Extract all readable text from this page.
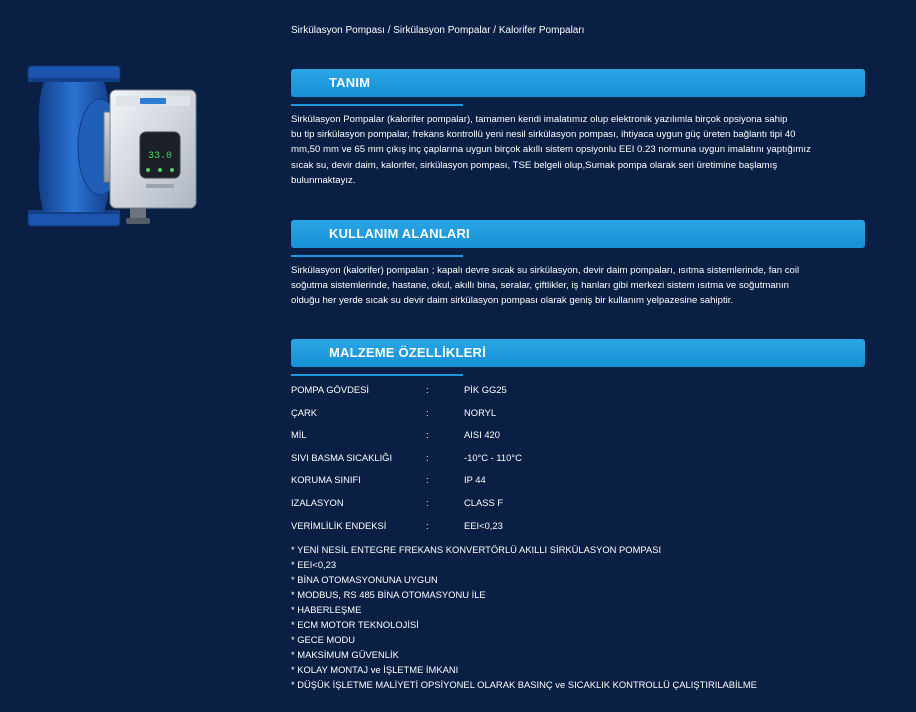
33.0
Sirkülasyon Pompası / Sirkülasyon Pompalar / Kalorifer Pompaları
TANIM
Sirkülasyon Pompalar (kalorifer pompalar), tamamen kendi imalatımız olup elektronik yazılımla birçok opsiyona sahip
bu tip sirkülasyon pompalar, frekans kontrollü yeni nesil sirkülasyon pompası, ihtiyaca uygun güç üreten bağlantı tipi 40
mm,50 mm ve 65 mm çıkış inç çaplarına uygun birçok akıllı sistem opsiyonlu EEI 0.23 normuna uygun imalatını yaptığımız
sıcak su, devir daim, kalorifer, sirkülasyon pompası, TSE belgeli olup,Sumak pompa olarak seri üretimine başlamış
bulunmaktayız.
KULLANIM ALANLARI
Sirkülasyon (kalorifer) pompaları ; kapalı devre sıcak su sirkülasyon, devir daim pompaları, ısıtma sistemlerinde, fan coil
soğutma sistemlerinde, hastane, okul, akıllı bina, seralar, çiftlikler, iş hanları gibi merkezi sistem ısıtma ve soğutmanın
olduğu her yerde sıcak su devir daim sirkülasyon pompası olarak geniş bir kullanım yelpazesine sahiptir.
MALZEME ÖZELLİKLERİ
POMPA GÖVDESİ	:	PİK GG25
ÇARK	:	NORYL
MİL	:	AISI 420
SIVI BASMA SICAKLIĞI	:	-10°C - 110°C
KORUMA SINIFI	:	IP 44
IZALASYON	:	CLASS F
VERİMLİLİK ENDEKSİ	:	EEI<0,23
* YENİ NESİL ENTEGRE FREKANS KONVERTÖRLÜ AKILLI SİRKÜLASYON POMPASI
* EEI<0,23
* BİNA OTOMASYONUNA UYGUN
* MODBUS, RS 485 BİNA OTOMASYONU İLE
* HABERLEŞME
* ECM MOTOR TEKNOLOJİSİ
* GECE MODU
* MAKSİMUM GÜVENLİK
* KOLAY MONTAJ ve İŞLETME İMKANI
* DÜŞÜK İŞLETME MALİYETİ OPSİYONEL OLARAK BASINÇ ve SICAKLIK KONTROLLÜ ÇALIŞTIRILABİLME
